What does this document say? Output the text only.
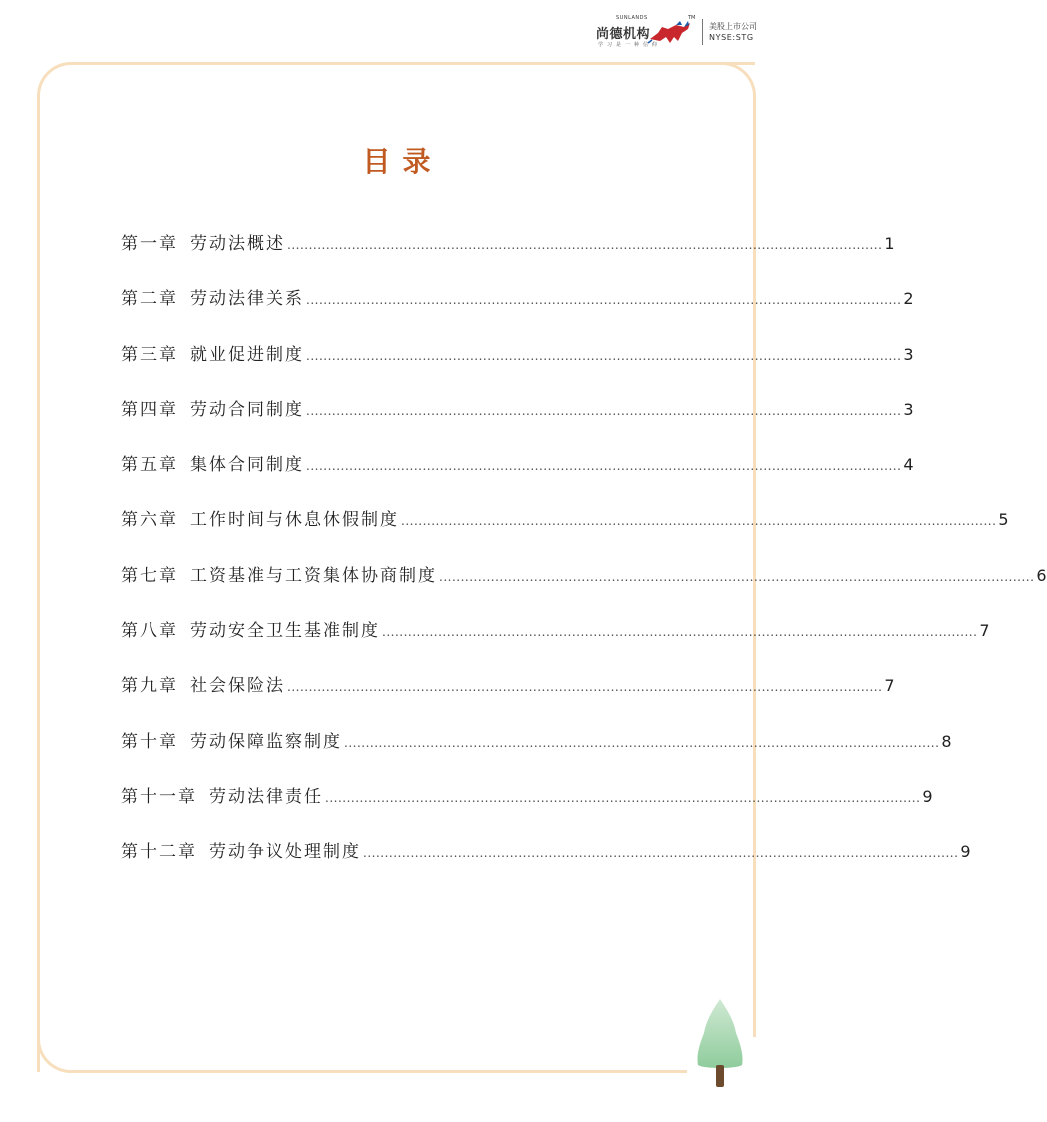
SUNLANDS
尚德机构
学 习 是 一 种 信 仰
TM
美股上市公司
NYSE:STG
目录
第一章 劳动法概述 .......................................................................................................................................... 1
第二章 劳动法律关系 .......................................................................................................................................... 2
第三章 就业促进制度 .......................................................................................................................................... 3
第四章 劳动合同制度 .......................................................................................................................................... 3
第五章 集体合同制度 .......................................................................................................................................... 4
第六章 工作时间与休息休假制度 .......................................................................................................................................... 5
第七章 工资基准与工资集体协商制度 .......................................................................................................................................... 6
第八章 劳动安全卫生基准制度 .......................................................................................................................................... 7
第九章 社会保险法 .......................................................................................................................................... 7
第十章 劳动保障监察制度 .......................................................................................................................................... 8
第十一章 劳动法律责任 .......................................................................................................................................... 9
第十二章 劳动争议处理制度 .......................................................................................................................................... 9
